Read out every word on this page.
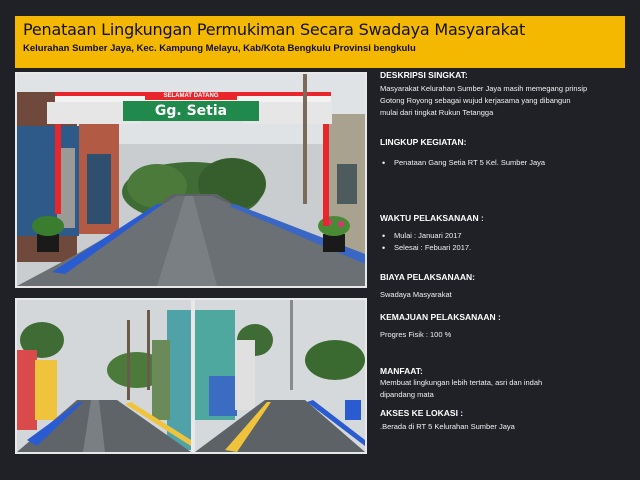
Penataan Lingkungan Permukiman Secara Swadaya Masyarakat
Kelurahan Sumber Jaya, Kec. Kampung Melayu, Kab/Kota Bengkulu Provinsi bengkulu
SELAMAT DATANG
Gg. Setia
DESKRIPSI SINGKAT:

Masyarakat Kelurahan Sumber Jaya masih memegang prinsip

Gotong Royong sebagai wujud kerjasama yang dibangun

mulai dari tingkat Rukun Tetangga

LINGKUP KEGIATAN:
• Penataan Gang Setia RT 5 Kel. Sumber Jaya
WAKTU PELAKSANAAN :
• Mulai : Januari 2017
• Selesai : Febuari 2017.
BIAYA PELAKSANAAN:

Swadaya Masyarakat

KEMAJUAN PELAKSANAAN :

Progres Fisik : 100 %

MANFAAT:

Membuat lingkungan lebih tertata, asri dan indah

dipandang mata

AKSES KE LOKASI :

.Berada di RT 5 Kelurahan Sumber Jaya
